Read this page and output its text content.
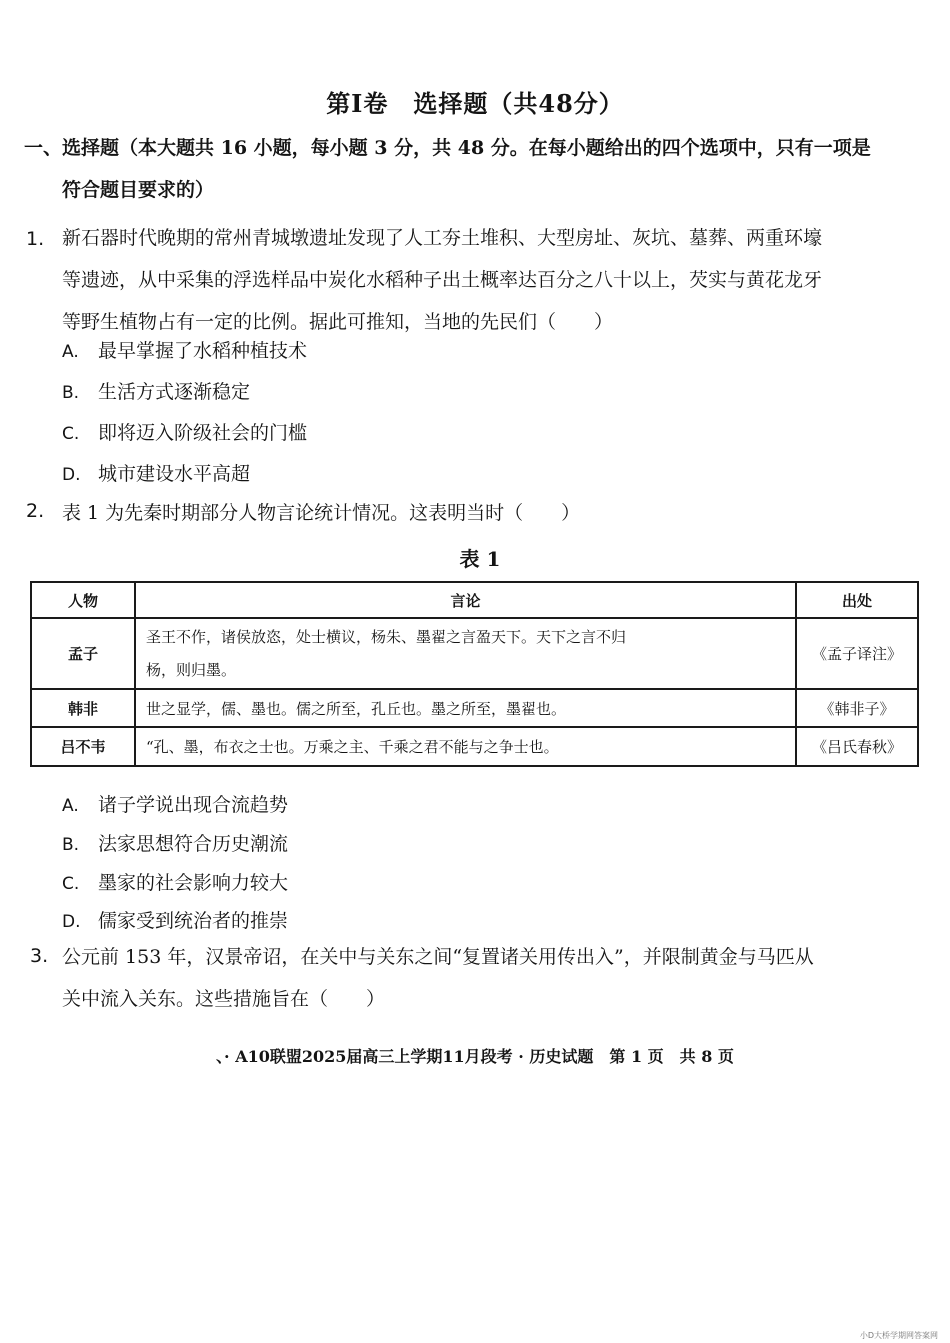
第Ⅰ卷　选择题（共48分）
一、选择题（本大题共 16 小题，每小题 3 分，共 48 分。在每小题给出的四个选项中，只有一项是
符合题目要求的）
1. 新石器时代晚期的常州青城墩遗址发现了人工夯土堆积、大型房址、灰坑、墓葬、两重环壕
等遗迹，从中采集的浮选样品中炭化水稻种子出土概率达百分之八十以上，芡实与黄花龙牙
等野生植物占有一定的比例。据此可推知，当地的先民们（　　）
A. 最早掌握了水稻种植技术
B. 生活方式逐渐稳定
C. 即将迈入阶级社会的门槛
D. 城市建设水平高超
2. 表 1 为先秦时期部分人物言论统计情况。这表明当时（　　）
表 1
人物	言论	出处
孟子	圣王不作，诸侯放恣，处士横议，杨朱、墨翟之言盈天下。天下之言不归
杨，则归墨。	《孟子译注》
韩非	世之显学，儒、墨也。儒之所至，孔丘也。墨之所至，墨翟也。	《韩非子》
吕不韦	“孔、墨，布衣之士也。万乘之主、千乘之君不能与之争士也。	《吕氏春秋》
A. 诸子学说出现合流趋势
B. 法家思想符合历史潮流
C. 墨家的社会影响力较大
D. 儒家受到统治者的推崇
3. 公元前 153 年，汉景帝诏，在关中与关东之间“复置诸关用传出入”，并限制黄金与马匹从
关中流入关东。这些措施旨在（　　）
、· A10联盟2025届高三上学期11月段考 · 历史试题　第 1 页　共 8 页
小D大桥学期网答案网
